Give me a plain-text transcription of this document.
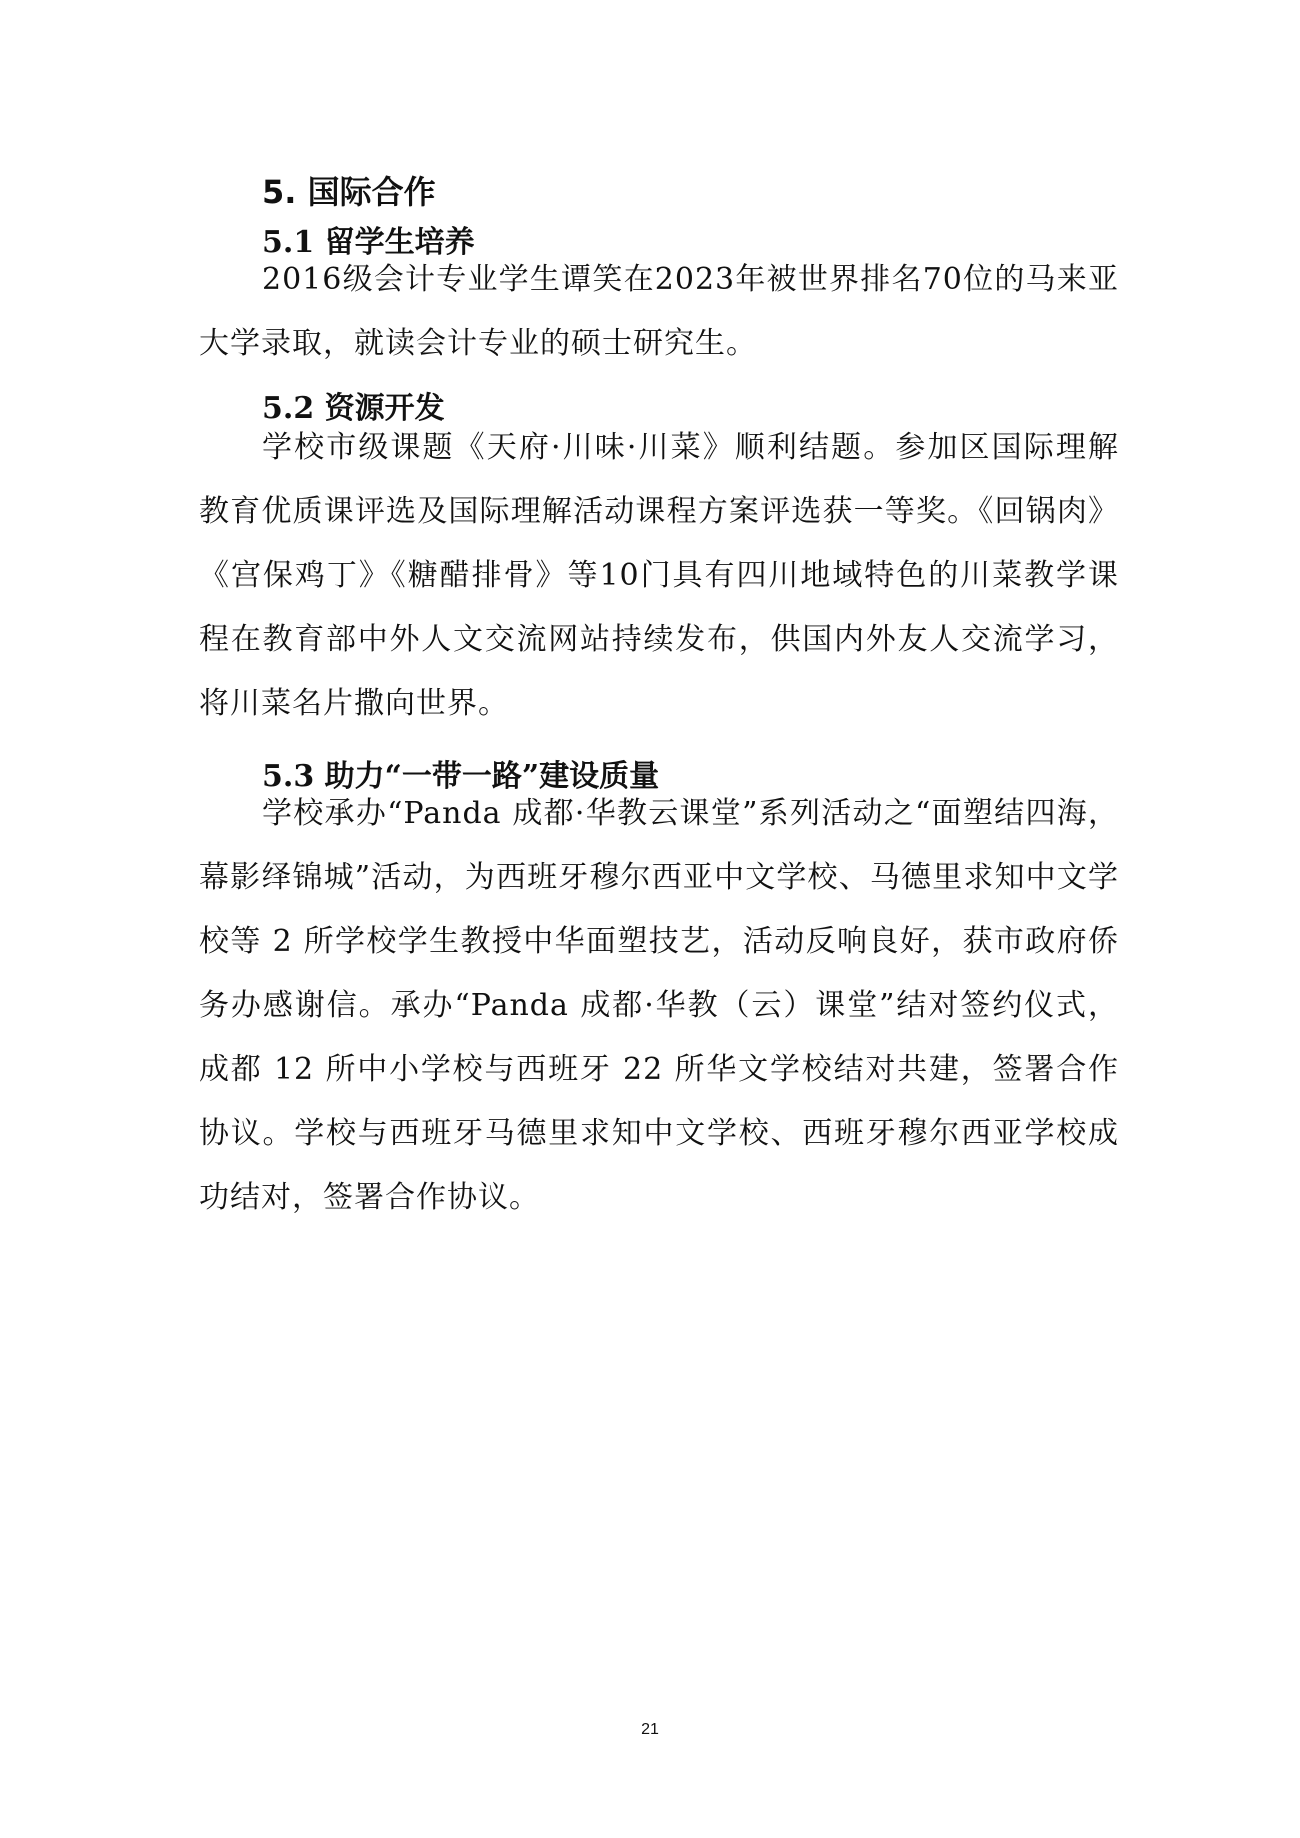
5. 国际合作
5.1 留学生培养

2016级会计专业学生谭笑在2023年被世界排名70位的马来亚大学录取，就读会计专业的硕士研究生。

5.2 资源开发

学校市级课题《天府·川味·川菜》顺利结题。参加区国际理解教育优质课评选及国际理解活动课程方案评选获一等奖。《回锅肉》《宫保鸡丁》《糖醋排骨》等10门具有四川地域特色的川菜教学课程在教育部中外人文交流网站持续发布，供国内外友人交流学习，将川菜名片撒向世界。

5.3 助力“一带一路”建设质量

学校承办“Panda 成都·华教云课堂”系列活动之“面塑结四海，幕影绎锦城”活动，为西班牙穆尔西亚中文学校、马德里求知中文学校等 2 所学校学生教授中华面塑技艺，活动反响良好，获市政府侨务办感谢信。承办“Panda 成都·华教（云）课堂”结对签约仪式，成都 12 所中小学校与西班牙 22 所华文学校结对共建，签署合作协议。学校与西班牙马德里求知中文学校、西班牙穆尔西亚学校成功结对，签署合作协议。

21
